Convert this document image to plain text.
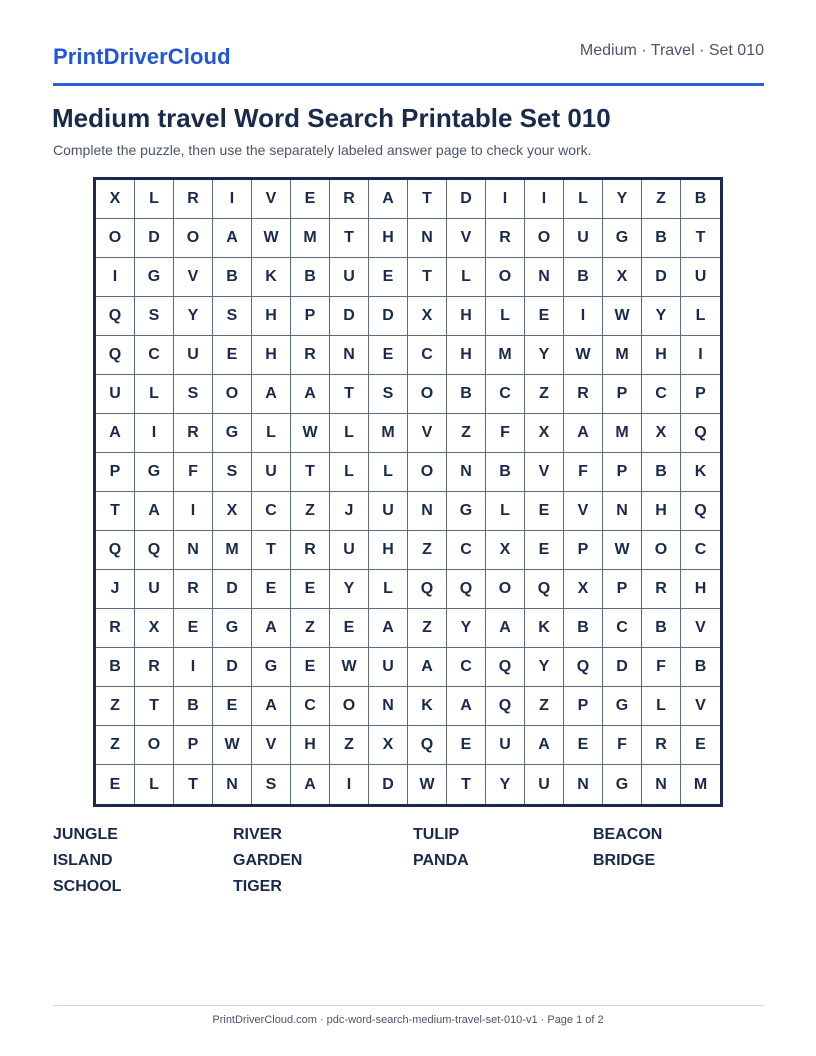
PrintDriverCloud	Medium · Travel · Set 010
Medium travel Word Search Printable Set 010
Complete the puzzle, then use the separately labeled answer page to check your work.
X	L	R	I	V	E	R	A	T	D	I	I	L	Y	Z	B
O	D	O	A	W	M	T	H	N	V	R	O	U	G	B	T
I	G	V	B	K	B	U	E	T	L	O	N	B	X	D	U
Q	S	Y	S	H	P	D	D	X	H	L	E	I	W	Y	L
Q	C	U	E	H	R	N	E	C	H	M	Y	W	M	H	I
U	L	S	O	A	A	T	S	O	B	C	Z	R	P	C	P
A	I	R	G	L	W	L	M	V	Z	F	X	A	M	X	Q
P	G	F	S	U	T	L	L	O	N	B	V	F	P	B	K
T	A	I	X	C	Z	J	U	N	G	L	E	V	N	H	Q
Q	Q	N	M	T	R	U	H	Z	C	X	E	P	W	O	C
J	U	R	D	E	E	Y	L	Q	Q	O	Q	X	P	R	H
R	X	E	G	A	Z	E	A	Z	Y	A	K	B	C	B	V
B	R	I	D	G	E	W	U	A	C	Q	Y	Q	D	F	B
Z	T	B	E	A	C	O	N	K	A	Q	Z	P	G	L	V
Z	O	P	W	V	H	Z	X	Q	E	U	A	E	F	R	E
E	L	T	N	S	A	I	D	W	T	Y	U	N	G	N	M
JUNGLE	RIVER	TULIP	BEACON
ISLAND	GARDEN	PANDA	BRIDGE
SCHOOL	TIGER
PrintDriverCloud.com · pdc-word-search-medium-travel-set-010-v1 · Page 1 of 2
